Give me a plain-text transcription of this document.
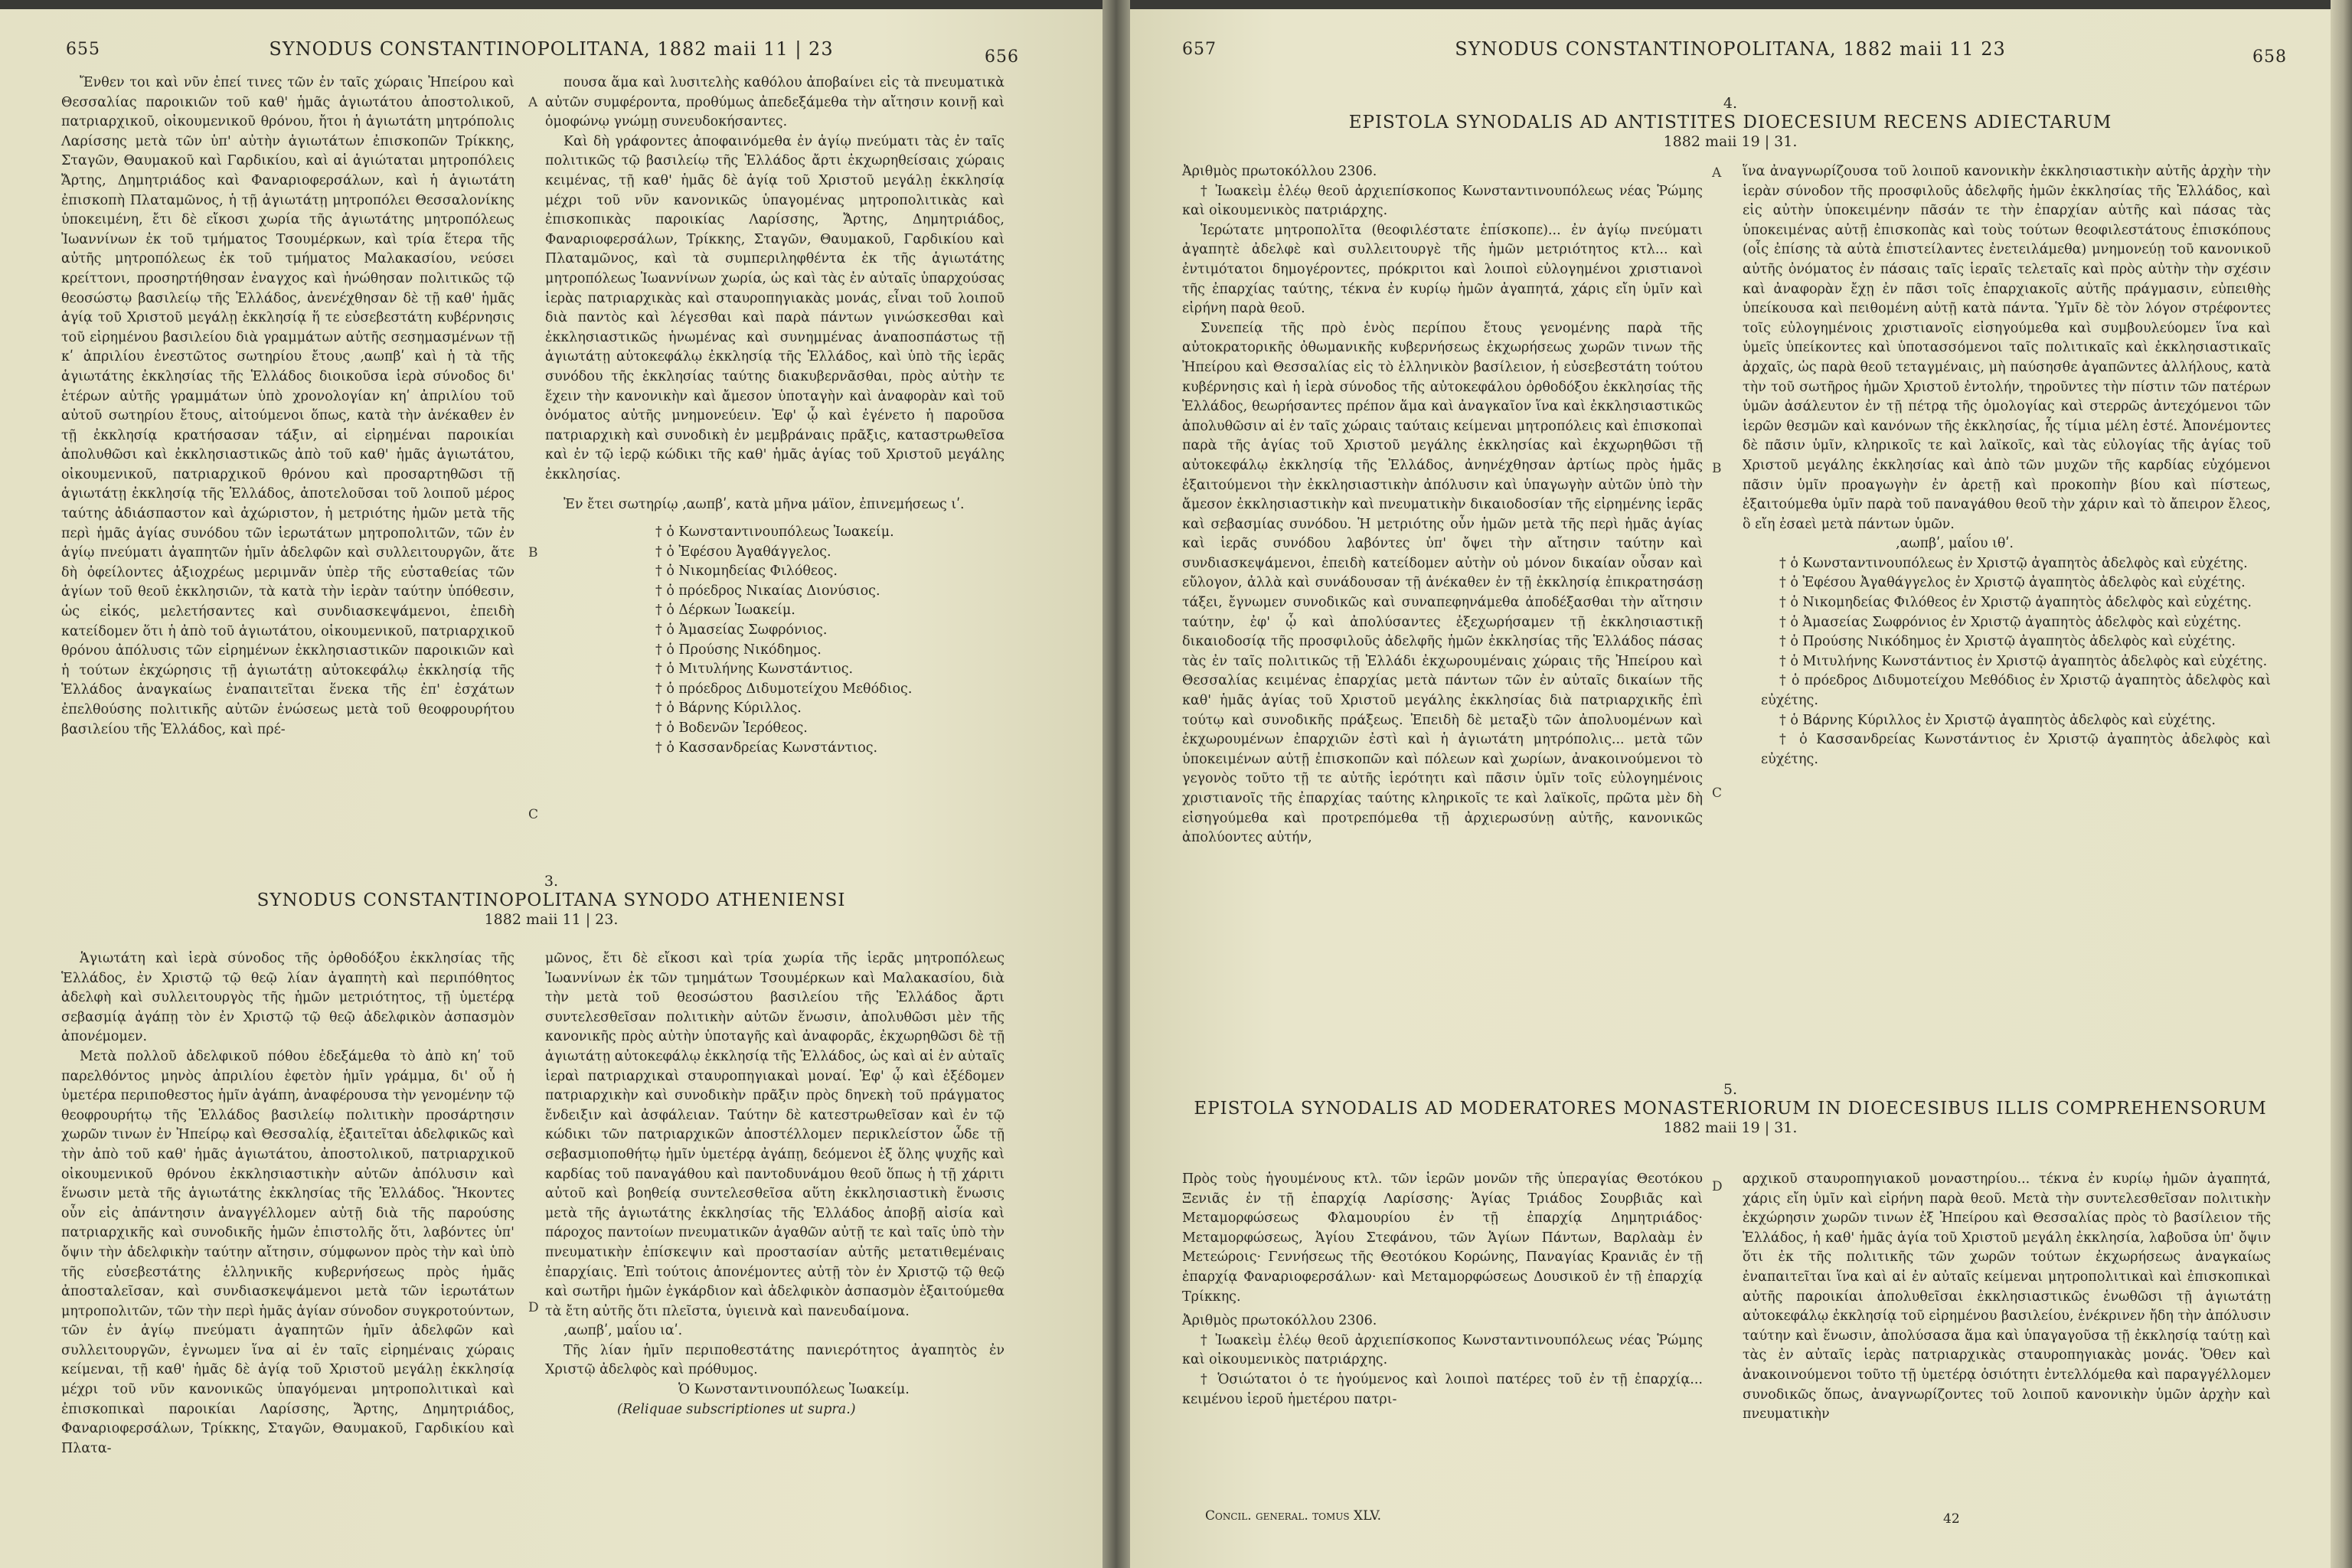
655	SYNODUS CONSTANTINOPOLITANA, 1882 maii 11 | 23	656

Ἔνθεν τοι καὶ νῦν ἐπεί τινες τῶν ἐν ταῖς χώραις Ἠπείρου καὶ Θεσσαλίας παροικιῶν τοῦ καθ' ἡμᾶς ἁγιωτάτου ἀποστολικοῦ, πατριαρχικοῦ, οἰκουμενικοῦ θρόνου, ἤτοι ἡ ἁγιωτάτη μητρόπολις Λαρίσσης μετὰ τῶν ὑπ' αὐτὴν ἁγιωτάτων ἐπισκοπῶν Τρίκκης, Σταγῶν, Θαυμακοῦ καὶ Γαρδικίου, καὶ αἱ ἁγιώταται μητροπόλεις Ἄρτης, Δημητριάδος καὶ Φαναριοφερσάλων, καὶ ἡ ἁγιωτάτη ἐπισκοπὴ Πλαταμῶνος, ἡ τῇ ἁγιωτάτῃ μητροπόλει Θεσσαλονίκης ὑποκειμένη, ἔτι δὲ εἴκοσι χωρία τῆς ἁγιωτάτης μητροπόλεως Ἰωαννίνων ἐκ τοῦ τμήματος Τσουμέρκων, καὶ τρία ἕτερα τῆς αὐτῆς μητροπόλεως ἐκ τοῦ τμήματος Μαλακασίου, νεύσει κρείττονι, προσηρτήθησαν ἐναγχος καὶ ἡνώθησαν πολιτικῶς τῷ θεοσώστῳ βασιλείῳ τῆς Ἑλλάδος, ἀνενέχθησαν δὲ τῇ καθ' ἡμᾶς ἁγίᾳ τοῦ Χριστοῦ μεγάλῃ ἐκκλησίᾳ ἥ τε εὐσεβεστάτη κυβέρνησις τοῦ εἰρημένου βασιλείου διὰ γραμμάτων αὐτῆς σεσημασμένων τῇ κʹ ἀπριλίου ἐνεστῶτος σωτηρίου ἔτους ‚αωπβʹ καὶ ἡ τὰ τῆς ἁγιωτάτης ἐκκλησίας τῆς Ἑλλάδος διοικοῦσα ἱερὰ σύνοδος δι' ἑτέρων αὐτῆς γραμμάτων ὑπὸ χρονολογίαν κηʹ ἀπριλίου τοῦ αὐτοῦ σωτηρίου ἔτους, αἰτούμενοι ὅπως, κατὰ τὴν ἀνέκαθεν ἐν τῇ ἐκκλησίᾳ κρατήσασαν τάξιν, αἱ εἰρημέναι παροικίαι ἀπολυθῶσι καὶ ἐκκλησιαστικῶς ἀπὸ τοῦ καθ' ἡμᾶς ἁγιωτάτου, οἰκουμενικοῦ, πατριαρχικοῦ θρόνου καὶ προσαρτηθῶσι τῇ ἁγιωτάτῃ ἐκκλησίᾳ τῆς Ἑλλάδος, ἀποτελοῦσαι τοῦ λοιποῦ μέρος ταύτης ἀδιάσπαστον καὶ ἀχώριστον, ἡ μετριότης ἡμῶν μετὰ τῆς περὶ ἡμᾶς ἁγίας συνόδου τῶν ἱερωτάτων μητροπολιτῶν, τῶν ἐν ἁγίῳ πνεύματι ἀγαπητῶν ἡμῖν ἀδελφῶν καὶ συλλειτουργῶν, ἅτε δὴ ὀφείλοντες ἀξιοχρέως μεριμνᾶν ὑπὲρ τῆς εὐσταθείας τῶν ἁγίων τοῦ θεοῦ ἐκκλησιῶν, τὰ κατὰ τὴν ἱερὰν ταύτην ὑπόθεσιν, ὡς εἰκός, μελετήσαντες καὶ συνδιασκεψάμενοι, ἐπειδὴ κατείδομεν ὅτι ἡ ἀπὸ τοῦ ἁγιωτάτου, οἰκουμενικοῦ, πατριαρχικοῦ θρόνου ἀπόλυσις τῶν εἰρημένων ἐκκλησιαστικῶν παροικιῶν καὶ ἡ τούτων ἐκχώρησις τῇ ἁγιωτάτῃ αὐτοκεφάλῳ ἐκκλησίᾳ τῆς Ἑλλάδος ἀναγκαίως ἐναπαιτεῖται ἕνεκα τῆς ἐπ' ἐσχάτων ἐπελθούσης πολιτικῆς αὐτῶν ἑνώσεως μετὰ τοῦ θεοφρουρήτου βασιλείου τῆς Ἑλλάδος, καὶ πρέ-

πουσα ἅμα καὶ λυσιτελὴς καθόλου ἀποβαίνει εἰς τὰ πνευματικὰ αὐτῶν συμφέροντα, προθύμως ἀπεδεξάμεθα τὴν αἴτησιν κοινῇ καὶ ὁμοφώνῳ γνώμῃ συνευδοκήσαντες.

Καὶ δὴ γράφοντες ἀποφαινόμεθα ἐν ἁγίῳ πνεύματι τὰς ἐν ταῖς πολιτικῶς τῷ βασιλείῳ τῆς Ἑλλάδος ἄρτι ἐκχωρηθείσαις χώραις κειμένας, τῇ καθ' ἡμᾶς δὲ ἁγίᾳ τοῦ Χριστοῦ μεγάλῃ ἐκκλησίᾳ μέχρι τοῦ νῦν κανονικῶς ὑπαγομένας μητροπολιτικὰς καὶ ἐπισκοπικὰς παροικίας Λαρίσσης, Ἄρτης, Δημητριάδος, Φαναριοφερσάλων, Τρίκκης, Σταγῶν, Θαυμακοῦ, Γαρδικίου καὶ Πλαταμῶνος, καὶ τὰ συμπεριληφθέντα ἐκ τῆς ἁγιωτάτης μητροπόλεως Ἰωαννίνων χωρία, ὡς καὶ τὰς ἐν αὐταῖς ὑπαρχούσας ἱερὰς πατριαρχικὰς καὶ σταυροπηγιακὰς μονάς, εἶναι τοῦ λοιποῦ διὰ παντὸς καὶ λέγεσθαι καὶ παρὰ πάντων γινώσκεσθαι καὶ ἐκκλησιαστικῶς ἡνωμένας καὶ συνημμένας ἀναποσπάστως τῇ ἁγιωτάτῃ αὐτοκεφάλῳ ἐκκλησίᾳ τῆς Ἑλλάδος, καὶ ὑπὸ τῆς ἱερᾶς συνόδου τῆς ἐκκλησίας ταύτης διακυβερνᾶσθαι, πρὸς αὐτὴν τε ἔχειν τὴν κανονικὴν καὶ ἄμεσον ὑποταγὴν καὶ ἀναφορὰν καὶ τοῦ ὀνόματος αὐτῆς μνημονεύειν. Ἐφ' ᾧ καὶ ἐγένετο ἡ παροῦσα πατριαρχικὴ καὶ συνοδικὴ ἐν μεμβράναις πρᾶξις, καταστρωθεῖσα καὶ ἐν τῷ ἱερῷ κώδικι τῆς καθ' ἡμᾶς ἁγίας τοῦ Χριστοῦ μεγάλης ἐκκλησίας.

Ἐν ἔτει σωτηρίῳ ‚αωπβʹ, κατὰ μῆνα μάϊον, ἐπινεμήσεως ιʹ.

† ὁ Κωνσταντινουπόλεως Ἰωακείμ.

† ὁ Ἐφέσου Ἀγαθάγγελος.

† ὁ Νικομηδείας Φιλόθεος.

† ὁ πρόεδρος Νικαίας Διονύσιος.

† ὁ Δέρκων Ἰωακείμ.

† ὁ Ἀμασείας Σωφρόνιος.

† ὁ Προύσης Νικόδημος.

† ὁ Μιτυλήνης Κωνστάντιος.

† ὁ πρόεδρος Διδυμοτείχου Μεθόδιος.

† ὁ Βάρνης Κύριλλος.

† ὁ Βοδενῶν Ἱερόθεος.

† ὁ Κασσανδρείας Κωνστάντιος.

3.
SYNODUS CONSTANTINOPOLITANA SYNODO ATHENIENSI
1882 maii 11 | 23.

Ἁγιωτάτη καὶ ἱερὰ σύνοδος τῆς ὀρθοδόξου ἐκκλησίας τῆς Ἑλλάδος, ἐν Χριστῷ τῷ θεῷ λίαν ἀγαπητὴ καὶ περιπόθητος ἀδελφὴ καὶ συλλειτουργὸς τῆς ἡμῶν μετριότητος, τῇ ὑμετέρᾳ σεβασμίᾳ ἀγάπῃ τὸν ἐν Χριστῷ τῷ θεῷ ἀδελφικὸν ἀσπασμὸν ἀπονέμομεν.

Μετὰ πολλοῦ ἀδελφικοῦ πόθου ἐδεξάμεθα τὸ ἀπὸ κηʹ τοῦ παρελθόντος μηνὸς ἀπριλίου ἐφετὸν ἡμῖν γράμμα, δι' οὗ ἡ ὑμετέρα περιποθεστος ἡμῖν ἀγάπη, ἀναφέρουσα τὴν γενομένην τῷ θεοφρουρήτῳ τῆς Ἑλλάδος βασιλείῳ πολιτικὴν προσάρτησιν χωρῶν τινων ἐν Ἠπείρῳ καὶ Θεσσαλίᾳ, ἐξαιτεῖται ἀδελφικῶς καὶ τὴν ἀπὸ τοῦ καθ' ἡμᾶς ἁγιωτάτου, ἀποστολικοῦ, πατριαρχικοῦ οἰκουμενικοῦ θρόνου ἐκκλησιαστικὴν αὐτῶν ἀπόλυσιν καὶ ἕνωσιν μετὰ τῆς ἁγιωτάτης ἐκκλησίας τῆς Ἑλλάδος. Ἤκοντες οὖν εἰς ἀπάντησιν ἀναγγέλλομεν αὐτῇ διὰ τῆς παρούσης πατριαρχικῆς καὶ συνοδικῆς ἡμῶν ἐπιστολῆς ὅτι, λαβόντες ὑπ' ὄψιν τὴν ἀδελφικὴν ταύτην αἴτησιν, σύμφωνον πρὸς τὴν καὶ ὑπὸ τῆς εὐσεβεστάτης ἑλληνικῆς κυβερνήσεως πρὸς ἡμᾶς ἀποσταλεῖσαν, καὶ συνδιασκεψάμενοι μετὰ τῶν ἱερωτάτων μητροπολιτῶν, τῶν τὴν περὶ ἡμᾶς ἁγίαν σύνοδον συγκροτούντων, τῶν ἐν ἁγίῳ πνεύματι ἀγαπητῶν ἡμῖν ἀδελφῶν καὶ συλλειτουργῶν, ἐγνωμεν ἵνα αἱ ἐν ταῖς εἰρημέναις χώραις κείμεναι, τῇ καθ' ἡμᾶς δὲ ἁγίᾳ τοῦ Χριστοῦ μεγάλῃ ἐκκλησίᾳ μέχρι τοῦ νῦν κανονικῶς ὑπαγόμεναι μητροπολιτικαὶ καὶ ἐπισκοπικαὶ παροικίαι Λαρίσσης, Ἄρτης, Δημητριάδος, Φαναριοφερσάλων, Τρίκκης, Σταγῶν, Θαυμακοῦ, Γαρδικίου καὶ Πλατα-

μῶνος, ἔτι δὲ εἴκοσι καὶ τρία χωρία τῆς ἱερᾶς μητροπόλεως Ἰωαννίνων ἐκ τῶν τμημάτων Τσουμέρκων καὶ Μαλακασίου, διὰ τὴν μετὰ τοῦ θεοσώστου βασιλείου τῆς Ἑλλάδος ἄρτι συντελεσθεῖσαν πολιτικὴν αὐτῶν ἕνωσιν, ἀπολυθῶσι μὲν τῆς κανονικῆς πρὸς αὐτὴν ὑποταγῆς καὶ ἀναφορᾶς, ἐκχωρηθῶσι δὲ τῇ ἁγιωτάτῃ αὐτοκεφάλῳ ἐκκλησίᾳ τῆς Ἑλλάδος, ὡς καὶ αἱ ἐν αὐταῖς ἱεραὶ πατριαρχικαὶ σταυροπηγιακαὶ μοναί. Ἐφ' ᾧ καὶ ἐξέδομεν πατριαρχικὴν καὶ συνοδικὴν πρᾶξιν πρὸς δηνεκὴ τοῦ πράγματος ἔνδειξιν καὶ ἀσφάλειαν. Ταύτην δὲ κατεστρωθεῖσαν καὶ ἐν τῷ κώδικι τῶν πατριαρχικῶν ἀποστέλλομεν περικλείστον ὧδε τῇ σεβασμιοποθήτῳ ἡμῖν ὑμετέρᾳ ἀγάπῃ, δεόμενοι ἐξ ὅλης ψυχῆς καὶ καρδίας τοῦ παναγάθου καὶ παντοδυνάμου θεοῦ ὅπως ἡ τῇ χάριτι αὐτοῦ καὶ βοηθείᾳ συντελεσθεῖσα αὕτη ἐκκλησιαστικὴ ἕνωσις μετὰ τῆς ἁγιωτάτης ἐκκλησίας τῆς Ἑλλάδος ἀποβῇ αἰσία καὶ πάροχος παντοίων πνευματικῶν ἀγαθῶν αὐτῇ τε καὶ ταῖς ὑπὸ τὴν πνευματικὴν ἐπίσκεψιν καὶ προστασίαν αὐτῆς μετατιθεμέναις ἐπαρχίαις. Ἐπὶ τούτοις ἀπονέμοντες αὐτῇ τὸν ἐν Χριστῷ τῷ θεῷ καὶ σωτῆρι ἡμῶν ἐγκάρδιον καὶ ἀδελφικὸν ἀσπασμὸν ἐξαιτούμεθα τὰ ἔτη αὐτῆς ὅτι πλεῖστα, ὑγιεινὰ καὶ πανευδαίμονα.

‚αωπβʹ, μαΐου ιαʹ.

Τῆς λίαν ἡμῖν περιποθεστάτης πανιερότητος ἀγαπητὸς ἐν Χριστῷ ἀδελφὸς καὶ πρόθυμος.

Ὁ Κωνσταντινουπόλεως Ἰωακείμ.

(Reliquae subscriptiones ut supra.)

A
B
C
D
657	SYNODUS CONSTANTINOPOLITANA, 1882 maii 11 23	658
4.
EPISTOLA SYNODALIS AD ANTISTITES DIOECESIUM RECENS ADIECTARUM
1882 maii 19 | 31.

Ἀριθμὸς πρωτοκόλλου 2306.

† Ἰωακεὶμ ἐλέῳ θεοῦ ἀρχιεπίσκοπος Κωνσταντινουπόλεως νέας Ῥώμης καὶ οἰκουμενικὸς πατριάρχης.

Ἱερώτατε μητροπολῖτα (θεοφιλέστατε ἐπίσκοπε)... ἐν ἁγίῳ πνεύματι ἀγαπητὲ ἀδελφὲ καὶ συλλειτουργὲ τῆς ἡμῶν μετριότητος κτλ... καὶ ἐντιμότατοι δημογέροντες, πρόκριτοι καὶ λοιποὶ εὐλογημένοι χριστιανοὶ τῆς ἐπαρχίας ταύτης, τέκνα ἐν κυρίῳ ἡμῶν ἀγαπητά, χάρις εἴη ὑμῖν καὶ εἰρήνη παρὰ θεοῦ.

Συνεπείᾳ τῆς πρὸ ἑνὸς περίπου ἔτους γενομένης παρὰ τῆς αὐτοκρατορικῆς ὀθωμανικῆς κυβερνήσεως ἐκχωρήσεως χωρῶν τινων τῆς Ἠπείρου καὶ Θεσσαλίας εἰς τὸ ἑλληνικὸν βασίλειον, ἡ εὐσεβεστάτη τούτου κυβέρνησις καὶ ἡ ἱερὰ σύνοδος τῆς αὐτοκεφάλου ὀρθοδόξου ἐκκλησίας τῆς Ἑλλάδος, θεωρήσαντες πρέπον ἅμα καὶ ἀναγκαῖον ἵνα καὶ ἐκκλησιαστικῶς ἀπολυθῶσιν αἱ ἐν ταῖς χώραις ταύταις κείμεναι μητροπόλεις καὶ ἐπισκοπαὶ παρὰ τῆς ἁγίας τοῦ Χριστοῦ μεγάλης ἐκκλησίας καὶ ἐκχωρηθῶσι τῇ αὐτοκεφάλῳ ἐκκλησίᾳ τῆς Ἑλλάδος, ἀνηνέχθησαν ἀρτίως πρὸς ἡμᾶς ἐξαιτούμενοι τὴν ἐκκλησιαστικὴν ἀπόλυσιν καὶ ὑπαγωγὴν αὐτῶν ὑπὸ τὴν ἄμεσον ἐκκλησιαστικὴν καὶ πνευματικὴν δικαιοδοσίαν τῆς εἰρημένης ἱερᾶς καὶ σεβασμίας συνόδου. Ἡ μετριότης οὖν ἡμῶν μετὰ τῆς περὶ ἡμᾶς ἁγίας καὶ ἱερᾶς συνόδου λαβόντες ὑπ' ὄψει τὴν αἴτησιν ταύτην καὶ συνδιασκεψάμενοι, ἐπειδὴ κατείδομεν αὐτὴν οὐ μόνον δικαίαν οὖσαν καὶ εὔλογον, ἀλλὰ καὶ συνάδουσαν τῇ ἀνέκαθεν ἐν τῇ ἐκκλησίᾳ ἐπικρατησάσῃ τάξει, ἔγνωμεν συνοδικῶς καὶ συναπεφηνάμεθα ἀποδέξασθαι τὴν αἴτησιν ταύτην, ἐφ' ᾧ καὶ ἀπολύσαντες ἐξεχωρήσαμεν τῇ ἐκκλησιαστικῇ δικαιοδοσίᾳ τῆς προσφιλοῦς ἀδελφῆς ἡμῶν ἐκκλησίας τῆς Ἑλλάδος πάσας τὰς ἐν ταῖς πολιτικῶς τῇ Ἑλλάδι ἐκχωρουμέναις χώραις τῆς Ἠπείρου καὶ Θεσσαλίας κειμένας ἐπαρχίας μετὰ πάντων τῶν ἐν αὐταῖς δικαίων τῆς καθ' ἡμᾶς ἁγίας τοῦ Χριστοῦ μεγάλης ἐκκλησίας διὰ πατριαρχικῆς ἐπὶ τούτῳ καὶ συνοδικῆς πράξεως. Ἐπειδὴ δὲ μεταξὺ τῶν ἀπολυομένων καὶ ἐκχωρουμένων ἐπαρχιῶν ἐστὶ καὶ ἡ ἁγιωτάτη μητρόπολις... μετὰ τῶν ὑποκειμένων αὐτῇ ἐπισκοπῶν καὶ πόλεων καὶ χωρίων, ἀνακοινούμενοι τὸ γεγονὸς τοῦτο τῇ τε αὐτῆς ἱερότητι καὶ πᾶσιν ὑμῖν τοῖς εὐλογημένοις χριστιανοῖς τῆς ἐπαρχίας ταύτης κληρικοῖς τε καὶ λαϊκοῖς, πρῶτα μὲν δὴ εἰσηγούμεθα καὶ προτρεπόμεθα τῇ ἀρχιερωσύνῃ αὐτῆς, κανονικῶς ἀπολύοντες αὐτήν,

ἵνα ἀναγνωρίζουσα τοῦ λοιποῦ κανονικὴν ἐκκλησιαστικὴν αὐτῆς ἀρχὴν τὴν ἱερὰν σύνοδον τῆς προσφιλοῦς ἀδελφῆς ἡμῶν ἐκκλησίας τῆς Ἑλλάδος, καὶ εἰς αὐτὴν ὑποκειμένην πᾶσάν τε τὴν ἐπαρχίαν αὐτῆς καὶ πάσας τὰς ὑποκειμένας αὐτῇ ἐπισκοπὰς καὶ τοὺς τούτων θεοφιλεστάτους ἐπισκόπους (οἷς ἐπίσης τὰ αὐτὰ ἐπιστείλαντες ἐνετειλάμεθα) μνημονεύῃ τοῦ κανονικοῦ αὐτῆς ὀνόματος ἐν πάσαις ταῖς ἱεραῖς τελεταῖς καὶ πρὸς αὐτὴν τὴν σχέσιν καὶ ἀναφορὰν ἔχῃ ἐν πᾶσι τοῖς ἐπαρχιακοῖς αὐτῆς πράγμασιν, εὐπειθὴς ὑπείκουσα καὶ πειθομένη αὐτῇ κατὰ πάντα. Ὑμῖν δὲ τὸν λόγον στρέφοντες τοῖς εὐλογημένοις χριστιανοῖς εἰσηγούμεθα καὶ συμβουλεύομεν ἵνα καὶ ὑμεῖς ὑπείκοντες καὶ ὑποτασσόμενοι ταῖς πολιτικαῖς καὶ ἐκκλησιαστικαῖς ἀρχαῖς, ὡς παρὰ θεοῦ τεταγμέναις, μὴ παύσησθε ἀγαπῶντες ἀλλήλους, κατὰ τὴν τοῦ σωτῆρος ἡμῶν Χριστοῦ ἐντολήν, τηροῦντες τὴν πίστιν τῶν πατέρων ὑμῶν ἀσάλευτον ἐν τῇ πέτρᾳ τῆς ὁμολογίας καὶ στερρῶς ἀντεχόμενοι τῶν ἱερῶν θεσμῶν καὶ κανόνων τῆς ἐκκλησίας, ἧς τίμια μέλη ἐστέ. Ἀπονέμοντες δὲ πᾶσιν ὑμῖν, κληρικοῖς τε καὶ λαϊκοῖς, καὶ τὰς εὐλογίας τῆς ἁγίας τοῦ Χριστοῦ μεγάλης ἐκκλησίας καὶ ἀπὸ τῶν μυχῶν τῆς καρδίας εὐχόμενοι πᾶσιν ὑμῖν προαγωγὴν ἐν ἀρετῇ καὶ προκοπὴν βίου καὶ πίστεως, ἐξαιτούμεθα ὑμῖν παρὰ τοῦ παναγάθου θεοῦ τὴν χάριν καὶ τὸ ἄπειρον ἔλεος, ὃ εἴη ἐσαεὶ μετὰ πάντων ὑμῶν.

‚αωπβʹ, μαΐου ιθʹ.

† ὁ Κωνσταντινουπόλεως ἐν Χριστῷ ἀγαπητὸς ἀδελφὸς καὶ εὐχέτης.

† ὁ Ἐφέσου Ἀγαθάγγελος ἐν Χριστῷ ἀγαπητὸς ἀδελφὸς καὶ εὐχέτης.

† ὁ Νικομηδείας Φιλόθεος ἐν Χριστῷ ἀγαπητὸς ἀδελφὸς καὶ εὐχέτης.

† ὁ Ἀμασείας Σωφρόνιος ἐν Χριστῷ ἀγαπητὸς ἀδελφὸς καὶ εὐχέτης.

† ὁ Προύσης Νικόδημος ἐν Χριστῷ ἀγαπητὸς ἀδελφὸς καὶ εὐχέτης.

† ὁ Μιτυλήνης Κωνστάντιος ἐν Χριστῷ ἀγαπητὸς ἀδελφὸς καὶ εὐχέτης.

† ὁ πρόεδρος Διδυμοτείχου Μεθόδιος ἐν Χριστῷ ἀγαπητὸς ἀδελφὸς καὶ εὐχέτης.

† ὁ Βάρνης Κύριλλος ἐν Χριστῷ ἀγαπητὸς ἀδελφὸς καὶ εὐχέτης.

† ὁ Κασσανδρείας Κωνστάντιος ἐν Χριστῷ ἀγαπητὸς ἀδελφὸς καὶ εὐχέτης.

5.
EPISTOLA SYNODALIS AD MODERATORES MONASTERIORUM IN DIOECESIBUS ILLIS COMPREHENSORUM
1882 maii 19 | 31.

Πρὸς τοὺς ἡγουμένους κτλ. τῶν ἱερῶν μονῶν τῆς ὑπεραγίας Θεοτόκου Ξενιᾶς ἐν τῇ ἐπαρχίᾳ Λαρίσσης· Ἁγίας Τριάδος Σουρβιᾶς καὶ Μεταμορφώσεως Φλαμουρίου ἐν τῇ ἐπαρχίᾳ Δημητριάδος· Μεταμορφώσεως, Ἁγίου Στεφάνου, τῶν Ἁγίων Πάντων, Βαρλαὰμ ἐν Μετεώροις· Γεννήσεως τῆς Θεοτόκου Κορώνης, Παναγίας Κρανιᾶς ἐν τῇ ἐπαρχίᾳ Φαναριοφερσάλων· καὶ Μεταμορφώσεως Δουσικοῦ ἐν τῇ ἐπαρχίᾳ Τρίκκης.

Ἀριθμὸς πρωτοκόλλου 2306.

† Ἰωακεὶμ ἐλέῳ θεοῦ ἀρχιεπίσκοπος Κωνσταντινουπόλεως νέας Ῥώμης καὶ οἰκουμενικὸς πατριάρχης.

† Ὁσιώτατοι ὁ τε ἡγούμενος καὶ λοιποὶ πατέρες τοῦ ἐν τῇ ἐπαρχίᾳ... κειμένου ἱεροῦ ἡμετέρου πατρι-

αρχικοῦ σταυροπηγιακοῦ μοναστηρίου... τέκνα ἐν κυρίῳ ἡμῶν ἀγαπητά, χάρις εἴη ὑμῖν καὶ εἰρήνη παρὰ θεοῦ. Μετὰ τὴν συντελεσθεῖσαν πολιτικὴν ἐκχώρησιν χωρῶν τινων ἐξ Ἠπείρου καὶ Θεσσαλίας πρὸς τὸ βασίλειον τῆς Ἑλλάδος, ἡ καθ' ἡμᾶς ἁγία τοῦ Χριστοῦ μεγάλη ἐκκλησία, λαβοῦσα ὑπ' ὄψιν ὅτι ἐκ τῆς πολιτικῆς τῶν χωρῶν τούτων ἐκχωρήσεως ἀναγκαίως ἐναπαιτεῖται ἵνα καὶ αἱ ἐν αὐταῖς κείμεναι μητροπολιτικαὶ καὶ ἐπισκοπικαὶ αὐτῆς παροικίαι ἀπολυθεῖσαι ἐκκλησιαστικῶς ἑνωθῶσι τῇ ἁγιωτάτῃ αὐτοκεφάλῳ ἐκκλησίᾳ τοῦ εἰρημένου βασιλείου, ἐνέκρινεν ἤδη τὴν ἀπόλυσιν ταύτην καὶ ἕνωσιν, ἀπολύσασα ἅμα καὶ ὑπαγαγοῦσα τῇ ἐκκλησίᾳ ταύτῃ καὶ τὰς ἐν αὐταῖς ἱερὰς πατριαρχικὰς σταυροπηγιακὰς μονάς. Ὅθεν καὶ ἀνακοινούμενοι τοῦτο τῇ ὑμετέρᾳ ὁσιότητι ἐντελλόμεθα καὶ παραγγέλλομεν συνοδικῶς ὅπως, ἀναγνωρίζοντες τοῦ λοιποῦ κανονικὴν ὑμῶν ἀρχὴν καὶ πνευματικὴν

Concil. general. tomus XLV.	42
A
B
C
D
